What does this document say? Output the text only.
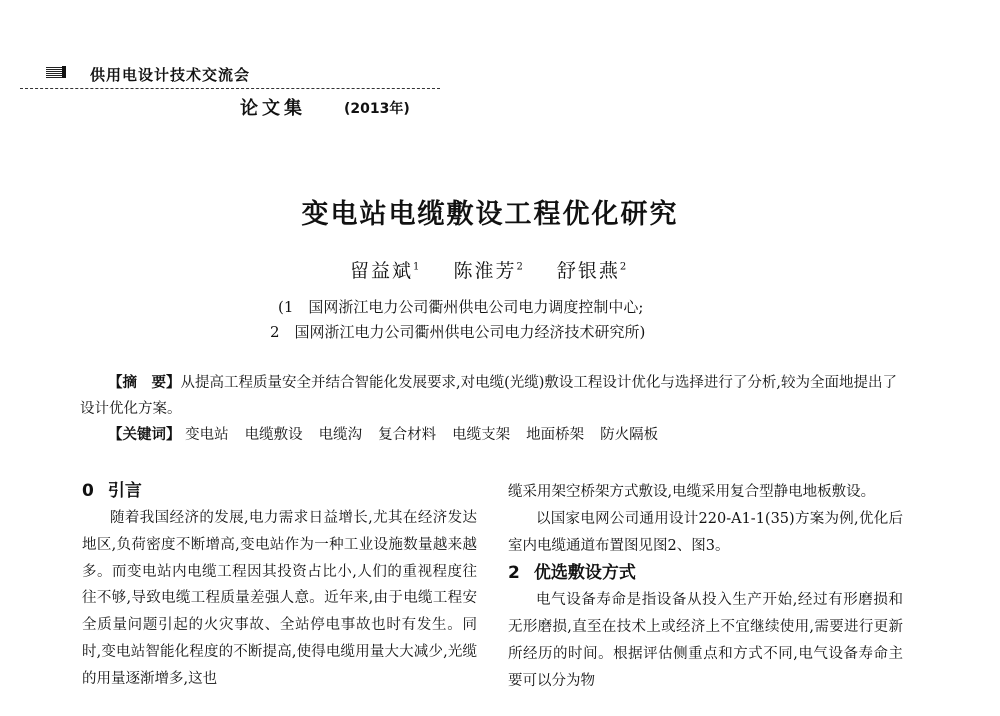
供用电设计技术交流会
论文集	(2013年)
变电站电缆敷设工程优化研究
留益斌$^1$ 陈淮芳$^2$ 舒银燕$^2$
(1　国网浙江电力公司衢州供电公司电力调度控制中心;
2　国网浙江电力公司衢州供电公司电力经济技术研究所)

【摘　要】从提高工程质量安全并结合智能化发展要求,对电缆(光缆)敷设工程设计优化与选择进行了分析,较为全面地提出了设计优化方案。

【关键词】 变电站 电缆敷设 电缆沟 复合材料 电缆支架 地面桥架 防火隔板

0 引言

随着我国经济的发展,电力需求日益增长,尤其在经济发达地区,负荷密度不断增高,变电站作为一种工业设施数量越来越多。而变电站内电缆工程因其投资占比小,人们的重视程度往往不够,导致电缆工程质量差强人意。近年来,由于电缆工程安全质量问题引起的火灾事故、全站停电事故也时有发生。同时,变电站智能化程度的不断提高,使得电缆用量大大减少,光缆的用量逐渐增多,这也

缆采用架空桥架方式敷设,电缆采用复合型静电地板敷设。

以国家电网公司通用设计220-A1-1(35)方案为例,优化后室内电缆通道布置图见图2、图3。

2 优选敷设方式

电气设备寿命是指设备从投入生产开始,经过有形磨损和无形磨损,直至在技术上或经济上不宜继续使用,需要进行更新所经历的时间。根据评估侧重点和方式不同,电气设备寿命主要可以分为物
